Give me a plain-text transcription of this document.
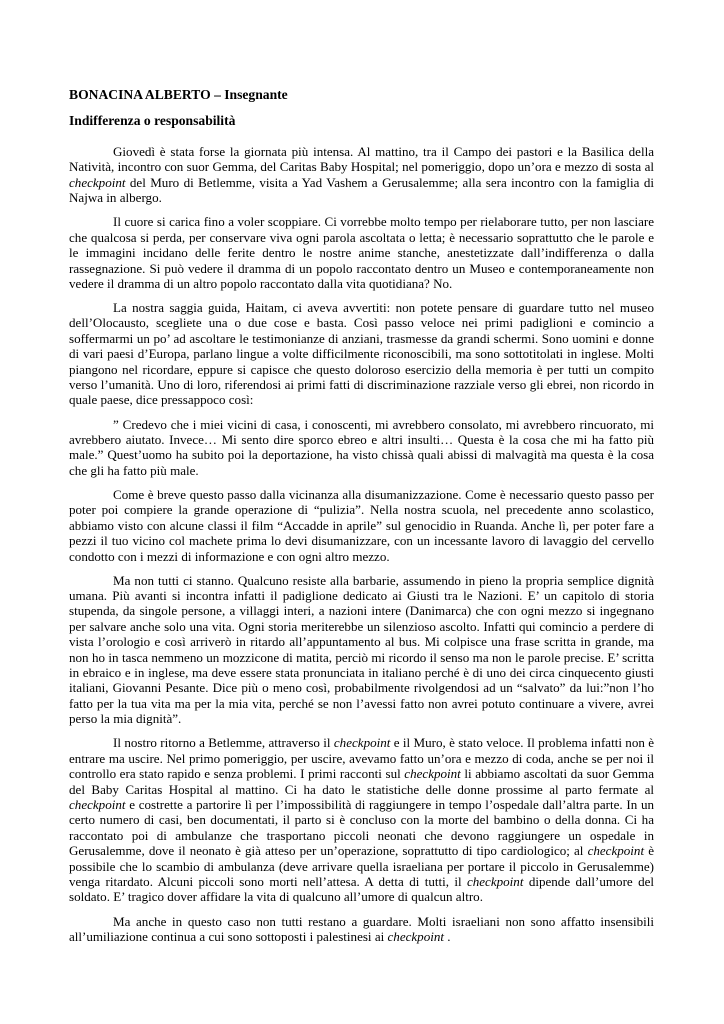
BONACINA ALBERTO – Insegnante
Indifferenza o responsabilità

Giovedì è stata forse la giornata più intensa. Al mattino, tra il Campo dei pastori e la Basilica della Natività, incontro con suor Gemma, del Caritas Baby Hospital; nel pomeriggio, dopo un’ora e mezzo di sosta al checkpoint del Muro di Betlemme, visita a Yad Vashem a Gerusalemme; alla sera incontro con la famiglia di Najwa in albergo.

Il cuore si carica fino a voler scoppiare. Ci vorrebbe molto tempo per rielaborare tutto, per non lasciare che qualcosa si perda, per conservare viva ogni parola ascoltata o letta; è necessario soprattutto che le parole e le immagini incidano delle ferite dentro le nostre anime stanche, anestetizzate dall’indifferenza o dalla rassegnazione. Si può vedere il dramma di un popolo raccontato dentro un Museo e contemporaneamente non vedere il dramma di un altro popolo raccontato dalla vita quotidiana? No.

La nostra saggia guida, Haitam, ci aveva avvertiti: non potete pensare di guardare tutto nel museo dell’Olocausto, scegliete una o due cose e basta. Così passo veloce nei primi padiglioni e comincio a soffermarmi un po’ ad ascoltare le testimonianze di anziani, trasmesse da grandi schermi. Sono uomini e donne di vari paesi d’Europa, parlano lingue a volte difficilmente riconoscibili, ma sono sottotitolati in inglese. Molti piangono nel ricordare, eppure si capisce che questo doloroso esercizio della memoria è per tutti un compito verso l’umanità. Uno di loro, riferendosi ai primi fatti di discriminazione razziale verso gli ebrei, non ricordo in quale paese, dice pressappoco così:

” Credevo che i miei vicini di casa, i conoscenti, mi avrebbero consolato, mi avrebbero rincuorato, mi avrebbero aiutato. Invece… Mi sento dire sporco ebreo e altri insulti… Questa è la cosa che mi ha fatto più male.” Quest’uomo ha subito poi la deportazione, ha visto chissà quali abissi di malvagità ma questa è la cosa che gli ha fatto più male.

Come è breve questo passo dalla vicinanza alla disumanizzazione. Come è necessario questo passo per poter poi compiere la grande operazione di “pulizia”. Nella nostra scuola, nel precedente anno scolastico, abbiamo visto con alcune classi il film “Accadde in aprile” sul genocidio in Ruanda. Anche lì, per poter fare a pezzi il tuo vicino col machete prima lo devi disumanizzare, con un incessante lavoro di lavaggio del cervello condotto con i mezzi di informazione e con ogni altro mezzo.

Ma non tutti ci stanno. Qualcuno resiste alla barbarie, assumendo in pieno la propria semplice dignità umana. Più avanti si incontra infatti il padiglione dedicato ai Giusti tra le Nazioni. E’ un capitolo di storia stupenda, da singole persone, a villaggi interi, a nazioni intere (Danimarca) che con ogni mezzo si ingegnano per salvare anche solo una vita. Ogni storia meriterebbe un silenzioso ascolto. Infatti qui comincio a perdere di vista l’orologio e così arriverò in ritardo all’appuntamento al bus. Mi colpisce una frase scritta in grande, ma non ho in tasca nemmeno un mozzicone di matita, perciò mi ricordo il senso ma non le parole precise. E’ scritta in ebraico e in inglese, ma deve essere stata pronunciata in italiano perché è di uno dei circa cinquecento giusti italiani, Giovanni Pesante. Dice più o meno così, probabilmente rivolgendosi ad un “salvato” da lui:”non l’ho fatto per la tua vita ma per la mia vita, perché se non l’avessi fatto non avrei potuto continuare a vivere, avrei perso la mia dignità”.

Il nostro ritorno a Betlemme, attraverso il checkpoint e il Muro, è stato veloce. Il problema infatti non è entrare ma uscire. Nel primo pomeriggio, per uscire, avevamo fatto un’ora e mezzo di coda, anche se per noi il controllo era stato rapido e senza problemi. I primi racconti sul checkpoint li abbiamo ascoltati da suor Gemma del Baby Caritas Hospital al mattino. Ci ha dato le statistiche delle donne prossime al parto fermate al checkpoint e costrette a partorire lì per l’impossibilità di raggiungere in tempo l’ospedale dall’altra parte. In un certo numero di casi, ben documentati, il parto si è concluso con la morte del bambino o della donna. Ci ha raccontato poi di ambulanze che trasportano piccoli neonati che devono raggiungere un ospedale in Gerusalemme, dove il neonato è già atteso per un’operazione, soprattutto di tipo cardiologico; al checkpoint è possibile che lo scambio di ambulanza (deve arrivare quella israeliana per portare il piccolo in Gerusalemme) venga ritardato. Alcuni piccoli sono morti nell’attesa. A detta di tutti, il checkpoint dipende dall’umore del soldato. E’ tragico dover affidare la vita di qualcuno all’umore di qualcun altro.

Ma anche in questo caso non tutti restano a guardare. Molti israeliani non sono affatto insensibili all’umiliazione continua a cui sono sottoposti i palestinesi ai checkpoint .
